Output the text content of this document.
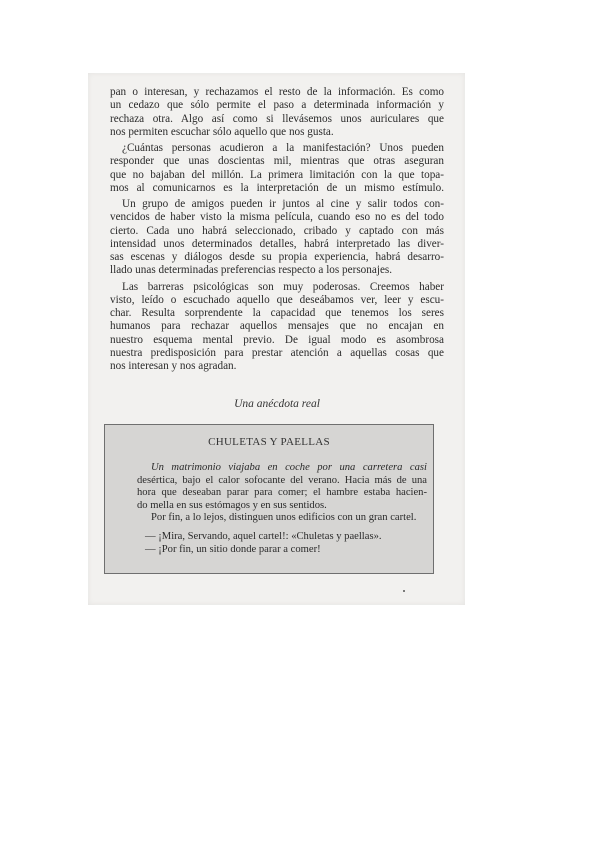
pan o interesan, y rechazamos el resto de la información. Es como
un cedazo que sólo permite el paso a determinada información y
rechaza otra. Algo así como si llevásemos unos auriculares que
nos permiten escuchar sólo aquello que nos gusta.
¿Cuántas personas acudieron a la manifestación? Unos pueden
responder que unas doscientas mil, mientras que otras aseguran
que no bajaban del millón. La primera limitación con la que topa-
mos al comunicarnos es la interpretación de un mismo estímulo.
Un grupo de amigos pueden ir juntos al cine y salir todos con-
vencidos de haber visto la misma película, cuando eso no es del todo
cierto. Cada uno habrá seleccionado, cribado y captado con más
intensidad unos determinados detalles, habrá interpretado las diver-
sas escenas y diálogos desde su propia experiencia, habrá desarro-
llado unas determinadas preferencias respecto a los personajes.
Las barreras psicológicas son muy poderosas. Creemos haber
visto, leído o escuchado aquello que deseábamos ver, leer y escu-
char. Resulta sorprendente la capacidad que tenemos los seres
humanos para rechazar aquellos mensajes que no encajan en
nuestro esquema mental previo. De igual modo es asombrosa
nuestra predisposición para prestar atención a aquellas cosas que
nos interesan y nos agradan.
Una anécdota real
CHULETAS Y PAELLAS
Un matrimonio viajaba en coche por una carretera casi
desértica, bajo el calor sofocante del verano. Hacia más de una
hora que deseaban parar para comer; el hambre estaba hacien-
do mella en sus estómagos y en sus sentidos.
Por fin, a lo lejos, distinguen unos edificios con un gran cartel.
— ¡Mira, Servando, aquel cartel!: «Chuletas y paellas».
— ¡Por fin, un sitio donde parar a comer!
